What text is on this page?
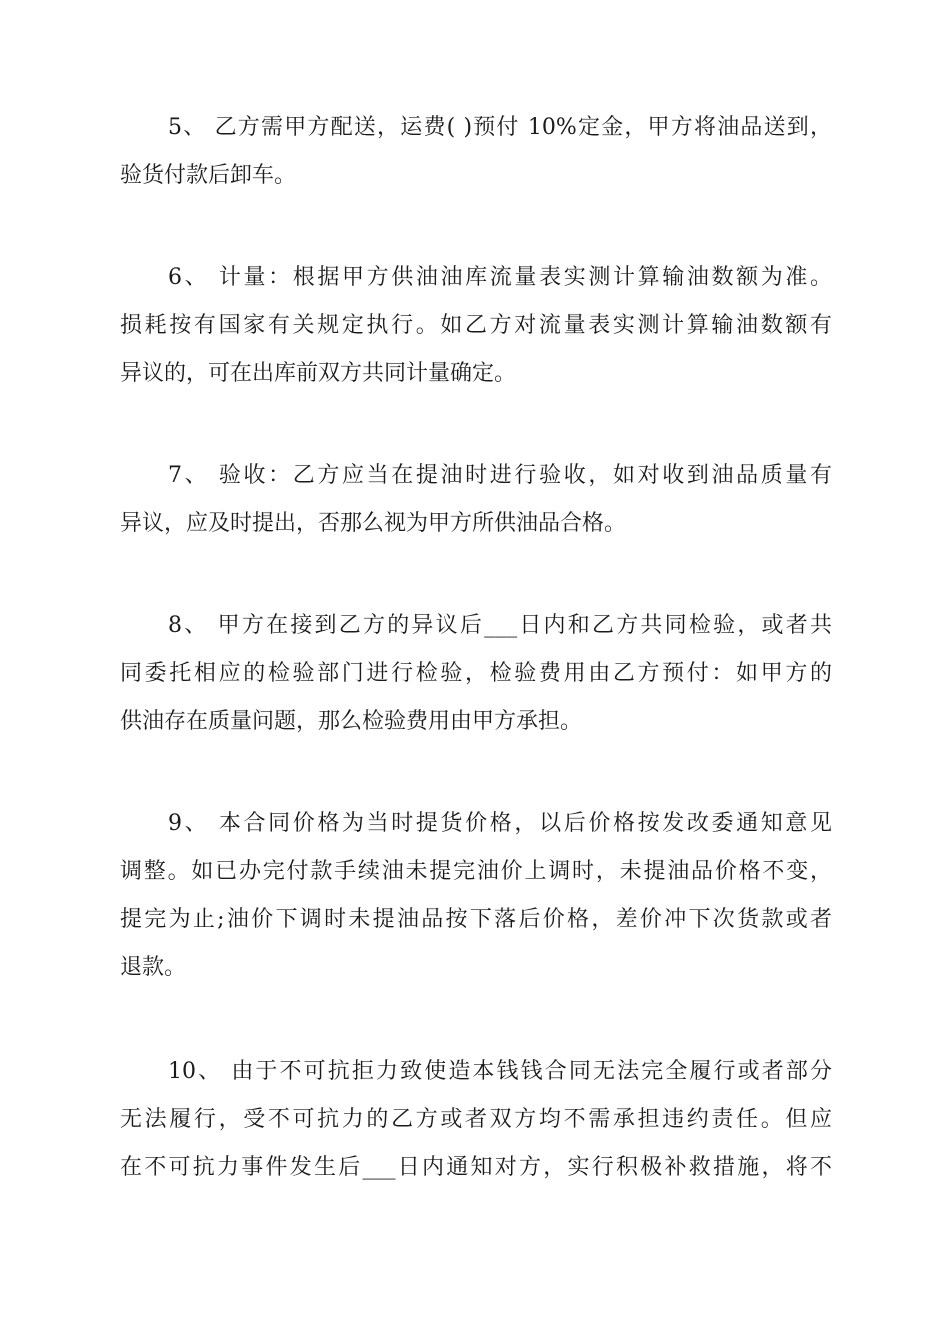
5、 乙方需甲方配送，运费( )预付 10%定金，甲方将油品送到，
验货付款后卸车。

6、 计量：根据甲方供油油库流量表实测计算输油数额为准。
损耗按有国家有关规定执行。如乙方对流量表实测计算输油数额有
异议的，可在出库前双方共同计量确定。

7、 验收：乙方应当在提油时进行验收，如对收到油品质量有
异议，应及时提出，否那么视为甲方所供油品合格。

8、 甲方在接到乙方的异议后___日内和乙方共同检验，或者共
同委托相应的检验部门进行检验，检验费用由乙方预付：如甲方的
供油存在质量问题，那么检验费用由甲方承担。

9、 本合同价格为当时提货价格，以后价格按发改委通知意见
调整。如已办完付款手续油未提完油价上调时，未提油品价格不变，
提完为止;油价下调时未提油品按下落后价格，差价冲下次货款或者
退款。

10、 由于不可抗拒力致使造本钱钱合同无法完全履行或者部分
无法履行，受不可抗力的乙方或者双方均不需承担违约责任。但应
在不可抗力事件发生后___日内通知对方，实行积极补救措施，将不
